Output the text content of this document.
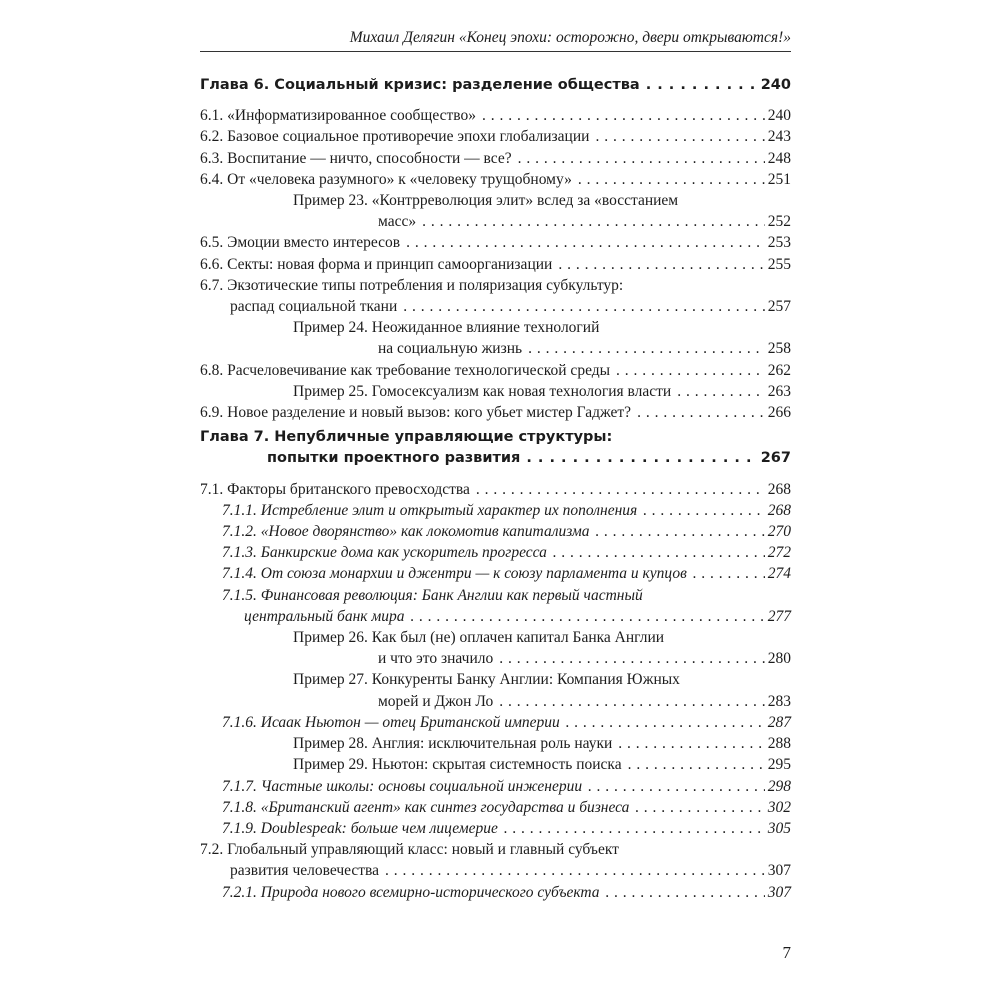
Михаил Делягин «Конец эпохи: осторожно, двери открываются!»
Глава 6. Социальный кризис: разделение общества . . .	240
6.1. «Информатизированное сообщество» . . .	240
6.2. Базовое социальное противоречие эпохи глобализации . . .	243
6.3. Воспитание — ничто, способности — все? . . .	248
6.4. От «человека разумного» к «человеку трущобному» . . .	251
Пример 23. «Контрреволюция элит» вслед за «восстанием
масс» . . .	252
6.5. Эмоции вместо интересов . . .	253
6.6. Секты: новая форма и принцип самоорганизации . . .	255
6.7. Экзотические типы потребления и поляризация субкультур:
распад социальной ткани . . .	257
Пример 24. Неожиданное влияние технологий
на социальную жизнь . . .	258
6.8. Расчеловечивание как требование технологической среды . . .	262
Пример 25. Гомосексуализм как новая технология власти . . .	263
6.9. Новое разделение и новый вызов: кого убьет мистер Гаджет? . . .	266
Глава 7. Непубличные управляющие структуры:
попытки проектного развития . . .	267
7.1. Факторы британского превосходства . . .	268
7.1.1. Истребление элит и открытый характер их пополнения . . .	268
7.1.2. «Новое дворянство» как локомотив капитализма . . .	270
7.1.3. Банкирские дома как ускоритель прогресса . . .	272
7.1.4. От союза монархии и джентри — к союзу парламента и купцов . . .	274
7.1.5. Финансовая революция: Банк Англии как первый частный
центральный банк мира . . .	277
Пример 26. Как был (не) оплачен капитал Банка Англии
и что это значило . . .	280
Пример 27. Конкуренты Банку Англии: Компания Южных
морей и Джон Ло . . .	283
7.1.6. Исаак Ньютон — отец Британской империи . . .	287
Пример 28. Англия: исключительная роль науки . . .	288
Пример 29. Ньютон: скрытая системность поиска . . .	295
7.1.7. Частные школы: основы социальной инженерии . . .	298
7.1.8. «Британский агент» как синтез государства и бизнеса . . .	302
7.1.9. Doublespeak: больше чем лицемерие . . .	305
7.2. Глобальный управляющий класс: новый и главный субъект
развития человечества . . .	307
7.2.1. Природа нового всемирно-исторического субъекта . . .	307
7
